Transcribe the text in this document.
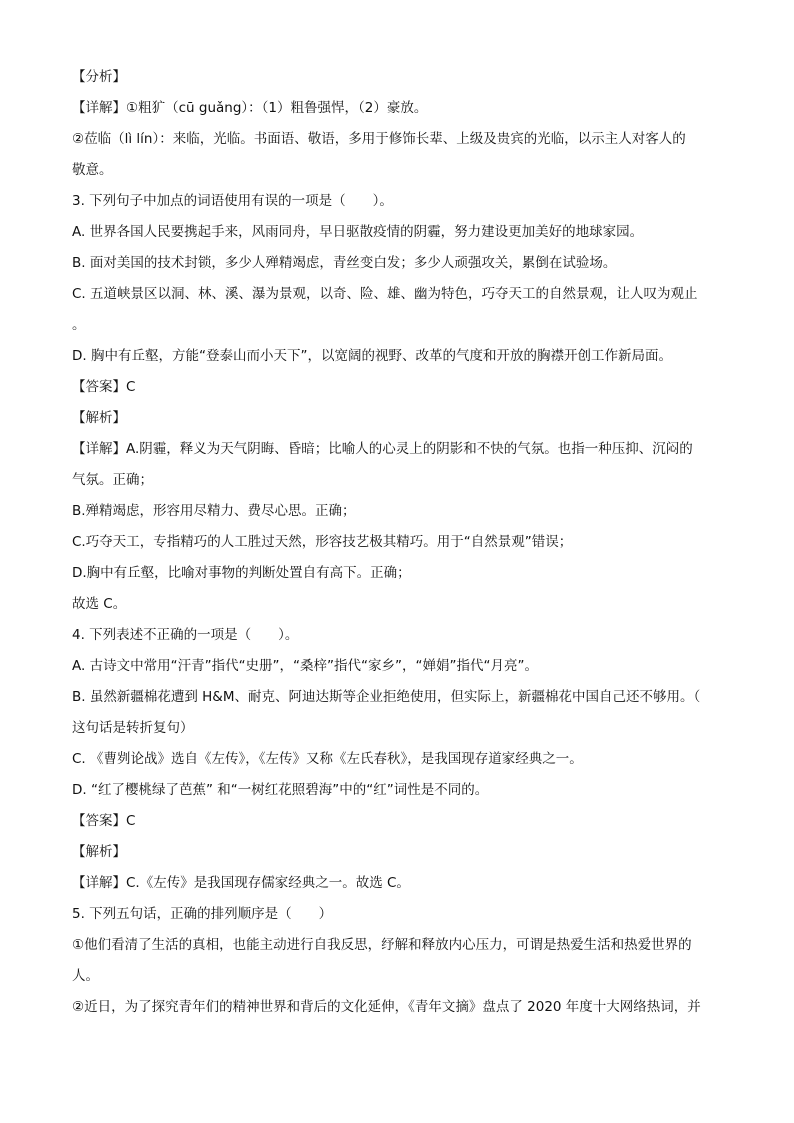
【分析】
【详解】①粗犷（cū guǎng）：（1）粗鲁强悍，（2）豪放。
②莅临（lì lín）：来临，光临。书面语、敬语，多用于修饰长辈、上级及贵宾的光临，以示主人对客人的
敬意。
3. 下列句子中加点的词语使用有误的一项是（　　）。
A. 世界各国人民要携起手来，风雨同舟，早日驱散疫情的阴霾，努力建设更加美好的地球家园。
B. 面对美国的技术封锁，多少人殚精竭虑，青丝变白发；多少人顽强攻关，累倒在试验场。
C. 五道峡景区以洞、林、溪、瀑为景观，以奇、险、雄、幽为特色，巧夺天工的自然景观，让人叹为观止
。
D. 胸中有丘壑，方能“登泰山而小天下”，以宽阔的视野、改革的气度和开放的胸襟开创工作新局面。
【答案】C
【解析】
【详解】A.阴霾，释义为天气阴晦、昏暗；比喻人的心灵上的阴影和不快的气氛。也指一种压抑、沉闷的
气氛。正确；
B.殚精竭虑，形容用尽精力、费尽心思。正确；
C.巧夺天工，专指精巧的人工胜过天然，形容技艺极其精巧。用于“自然景观”错误；
D.胸中有丘壑，比喻对事物的判断处置自有高下。正确；
故选 C。
4. 下列表述不正确的一项是（　　）。
A. 古诗文中常用“汗青”指代“史册”，“桑梓”指代“家乡”，“婵娟”指代“月亮”。
B. 虽然新疆棉花遭到 H&M、耐克、阿迪达斯等企业拒绝使用，但实际上，新疆棉花中国自己还不够用。（
这句话是转折复句）
C. 《曹刿论战》选自《左传》，《左传》又称《左氏春秋》，是我国现存道家经典之一。
D. “红了樱桃绿了芭蕉” 和“一树红花照碧海”中的“红”词性是不同的。
【答案】C
【解析】
【详解】C.《左传》是我国现存儒家经典之一。故选 C。
5. 下列五句话，正确的排列顺序是（　　）
①他们看清了生活的真相，也能主动进行自我反思，纾解和释放内心压力，可谓是热爱生活和热爱世界的
人。
②近日，为了探究青年们的精神世界和背后的文化延伸，《青年文摘》盘点了 2020 年度十大网络热词，并
